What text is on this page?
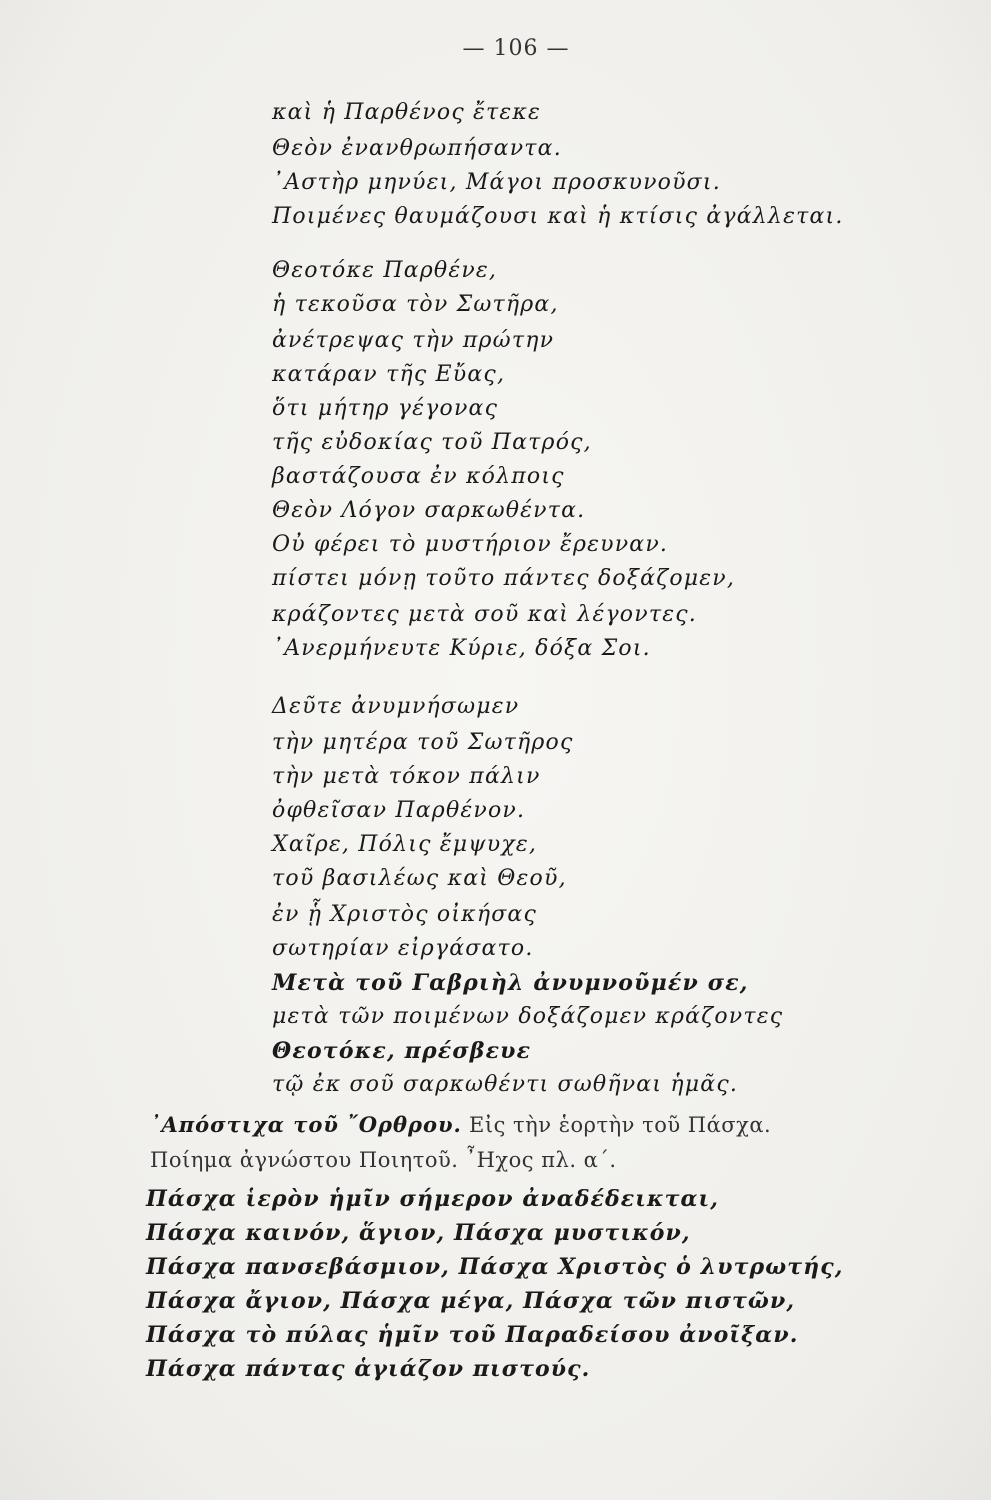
— 106 —
καὶ ἡ Παρθένος ἔτεκε
Θεὸν ἐνανθρωπήσαντα.
᾿Αστὴρ μηνύει, Μάγοι προσκυνοῦσι.
Ποιμένες θαυμάζουσι καὶ ἡ κτίσις ἀγάλλεται.
Θεοτόκε Παρθένε,
ἡ τεκοῦσα τὸν Σωτῆρα,
ἀνέτρεψας τὴν πρώτην
κατάραν τῆς Εὔας,
ὅτι μήτηρ γέγονας
τῆς εὐδοκίας τοῦ Πατρός,
βαστάζουσα ἐν κόλποις
Θεὸν Λόγον σαρκωθέντα.
Οὐ φέρει τὸ μυστήριον ἔρευναν.
πίστει μόνῃ τοῦτο πάντες δοξάζομεν,
κράζοντες μετὰ σοῦ καὶ λέγοντες.
᾿Ανερμήνευτε Κύριε, δόξα Σοι.
Δεῦτε ἀνυμνήσωμεν
τὴν μητέρα τοῦ Σωτῆρος
τὴν μετὰ τόκον πάλιν
ὀφθεῖσαν Παρθένον.
Χαῖρε, Πόλις ἔμψυχε,
τοῦ βασιλέως καὶ Θεοῦ,
ἐν ᾗ Χριστὸς οἰκήσας
σωτηρίαν εἰργάσατο.
Μετὰ τοῦ Γαβριὴλ ἀνυμνοῦμέν σε,
μετὰ τῶν ποιμένων δοξάζομεν κράζοντες
Θεοτόκε, πρέσβευε
τῷ ἐκ σοῦ σαρκωθέντι σωθῆναι ἡμᾶς.
᾿Απόστιχα τοῦ ῎Ορθρου. Εἰς τὴν ἑορτὴν τοῦ Πάσχα.
Ποίημα ἀγνώστου Ποιητοῦ. ῏Ηχος πλ. α΄.
Πάσχα ἱερὸν ἡμῖν σήμερον ἀναδέδεικται,
Πάσχα καινόν, ἅγιον, Πάσχα μυστικόν,
Πάσχα πανσεβάσμιον, Πάσχα Χριστὸς ὁ λυτρωτής,
Πάσχα ἄγιον, Πάσχα μέγα, Πάσχα τῶν πιστῶν,
Πάσχα τὸ πύλας ἡμῖν τοῦ Παραδείσου ἀνοῖξαν.
Πάσχα πάντας ἁγιάζον πιστούς.
